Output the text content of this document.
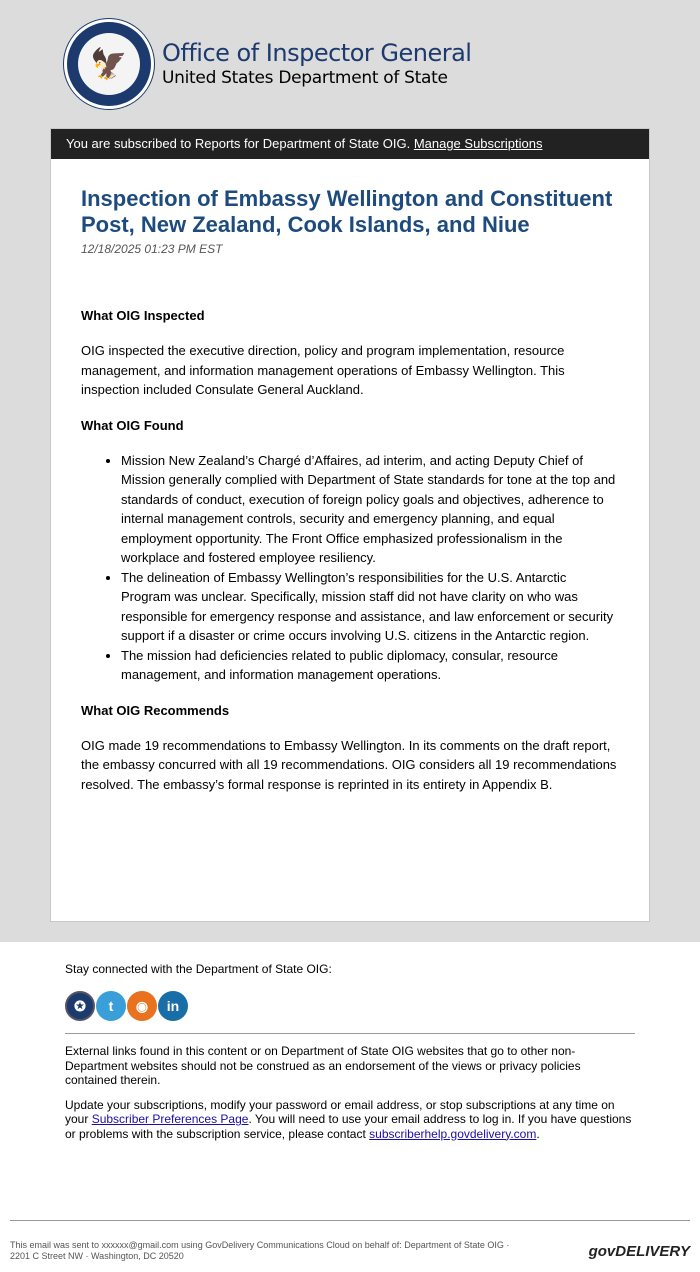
🦅	Office of Inspector General
United States Department of State
You are subscribed to Reports for Department of State OIG. Manage Subscriptions
Inspection of Embassy Wellington and Constituent Post, New Zealand, Cook Islands, and Niue
12/18/2025 01:23 PM EST
What OIG Inspected

OIG inspected the executive direction, policy and program implementation, resource management, and information management operations of Embassy Wellington. This inspection included Consulate General Auckland.

What OIG Found
• Mission New Zealand’s Chargé d’Affaires, ad interim, and acting Deputy Chief of Mission generally complied with Department of State standards for tone at the top and standards of conduct, execution of foreign policy goals and objectives, adherence to internal management controls, security and emergency planning, and equal employment opportunity. The Front Office emphasized professionalism in the workplace and fostered employee resiliency.
• The delineation of Embassy Wellington’s responsibilities for the U.S. Antarctic Program was unclear. Specifically, mission staff did not have clarity on who was responsible for emergency response and assistance, and law enforcement or security support if a disaster or crime occurs involving U.S. citizens in the Antarctic region.
• The mission had deficiencies related to public diplomacy, consular, resource management, and information management operations.
What OIG Recommends

OIG made 19 recommendations to Embassy Wellington. In its comments on the draft report, the embassy concurred with all 19 recommendations. OIG considers all 19 recommendations resolved. The embassy’s formal response is reprinted in its entirety in Appendix B.

Stay connected with the Department of State OIG:
✪	t	◉	in

External links found in this content or on Department of State OIG websites that go to other non-Department websites should not be construed as an endorsement of the views or privacy policies contained therein.

Update your subscriptions, modify your password or email address, or stop subscriptions at any time on your Subscriber Preferences Page. You will need to use your email address to log in. If you have questions or problems with the subscription service, please contact subscriberhelp.govdelivery.com.

This email was sent to xxxxxx@gmail.com using GovDelivery Communications Cloud on behalf of: Department of State OIG ·
2201 C Street NW · Washington, DC 20520	govDELIVERY
